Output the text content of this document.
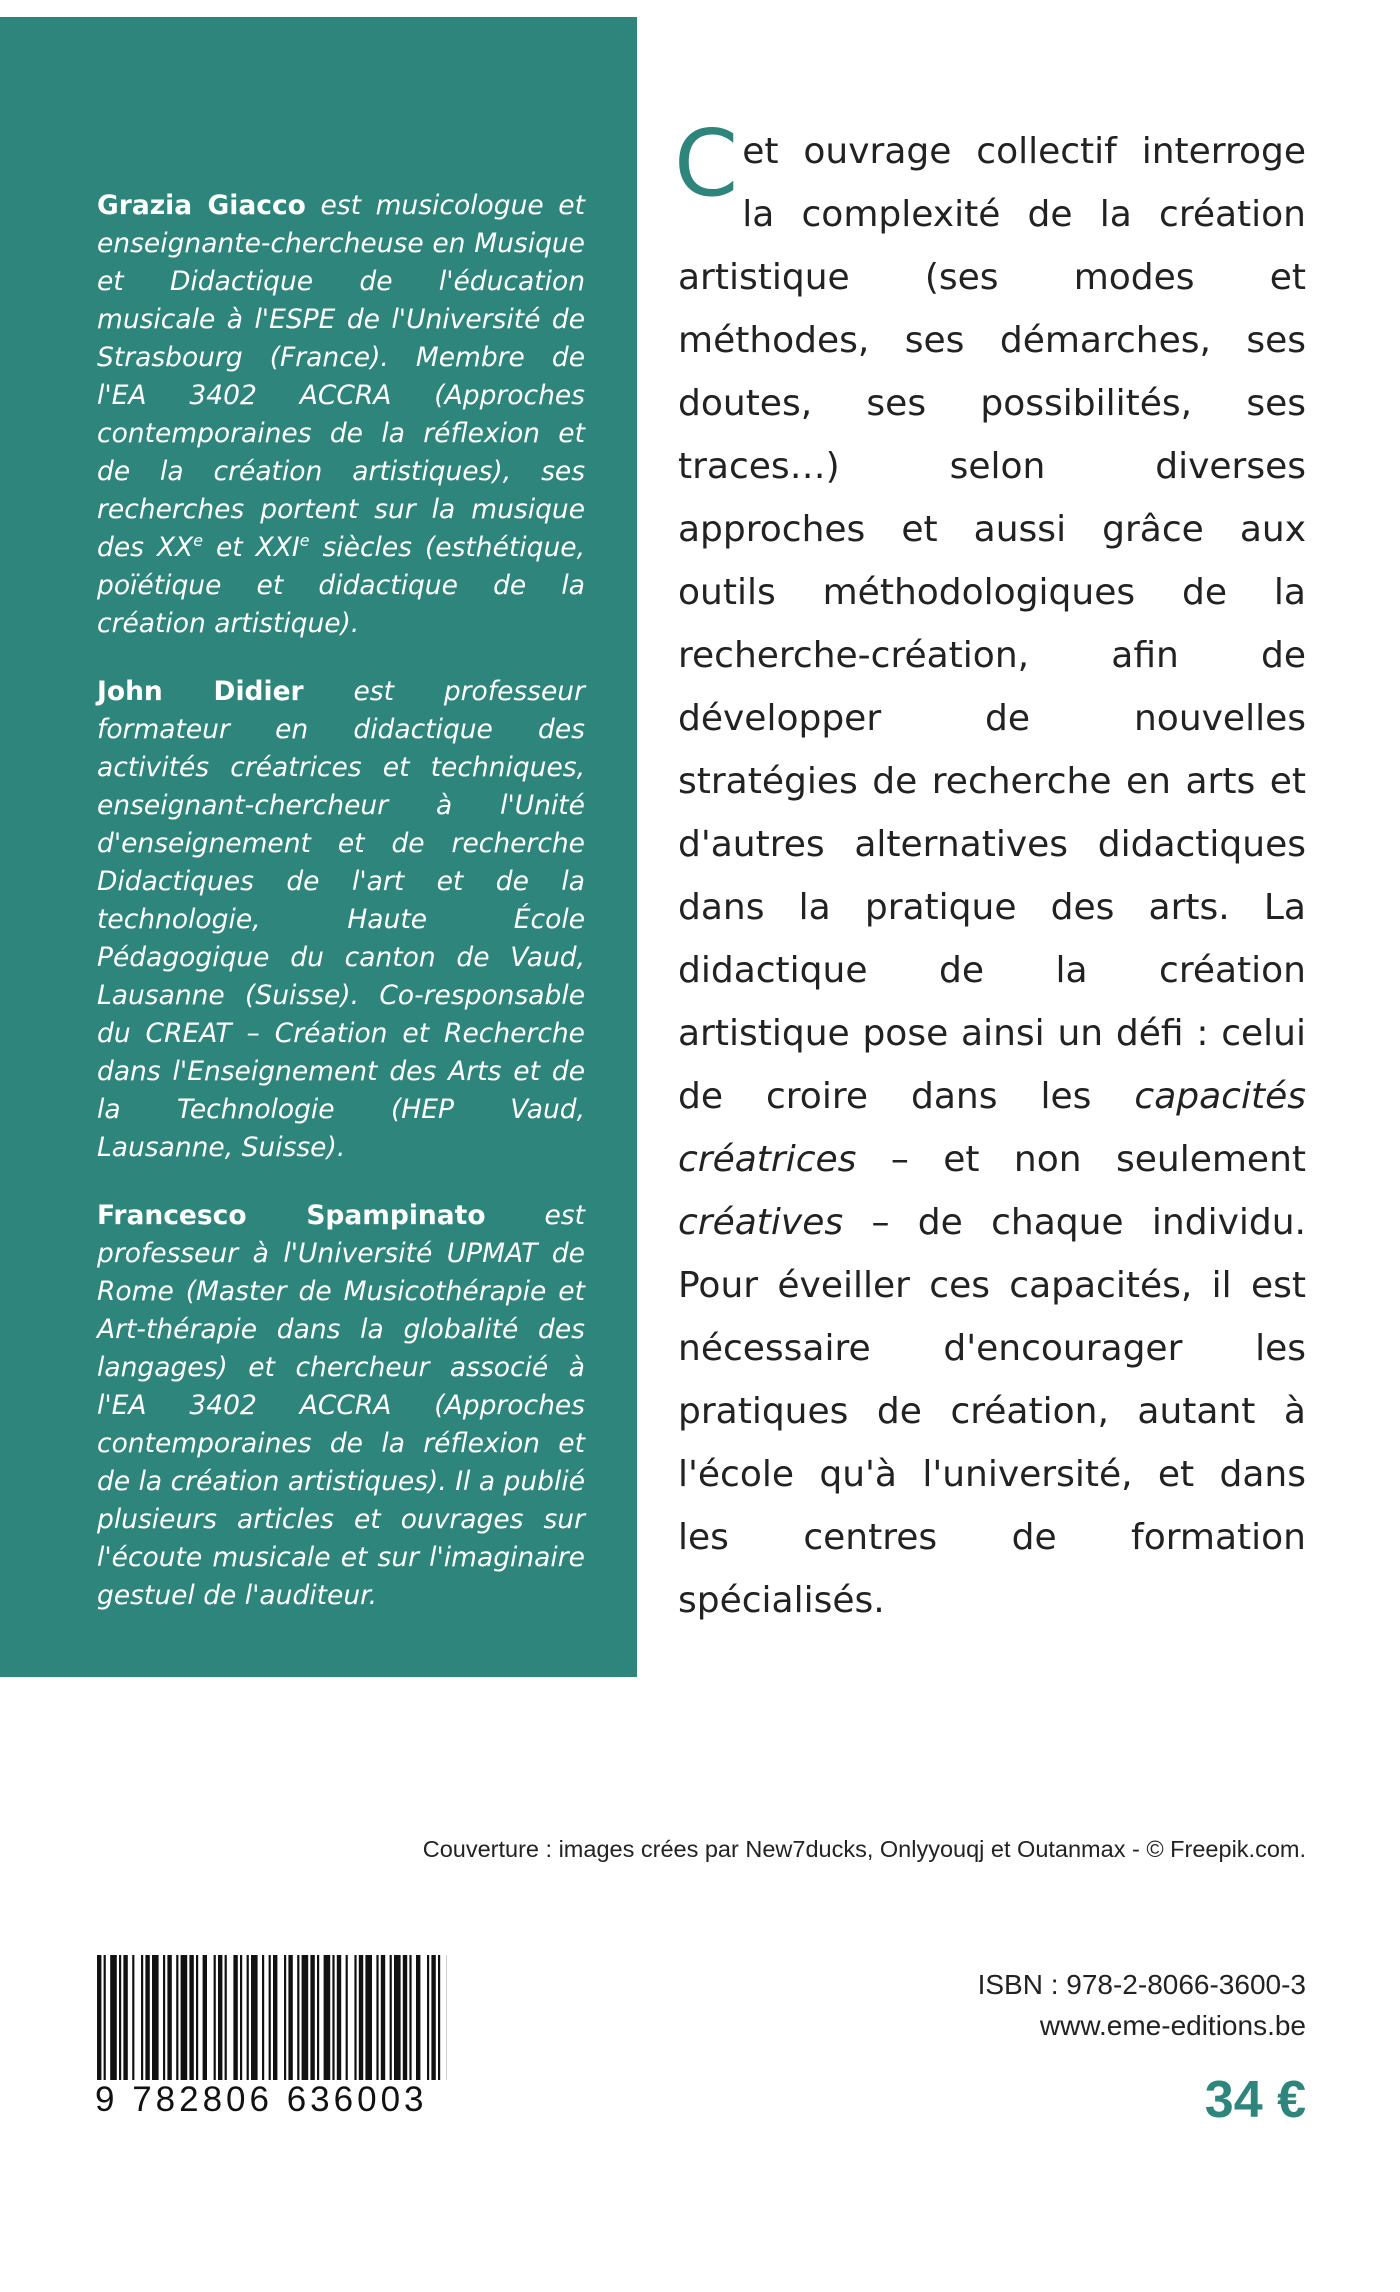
Grazia Giacco est musicologue et enseignante-chercheuse en Musique et Didactique de l'éducation musicale à l'ESPE de l'Université de Strasbourg (France). Membre de l'EA 3402 ACCRA (Approches contemporaines de la réflexion et de la création artistiques), ses recherches portent sur la musique des XXe et XXIe siècles (esthétique, poïétique et didactique de la création artistique).

John Didier est professeur formateur en didactique des activités créatrices et techniques, enseignant-chercheur à l'Unité d'enseignement et de recherche Didactiques de l'art et de la technologie, Haute École Pédagogique du canton de Vaud, Lausanne (Suisse). Co-responsable du CREAT – Création et Recherche dans l'Enseignement des Arts et de la Technologie (HEP Vaud, Lausanne, Suisse).

Francesco Spampinato est professeur à l'Université UPMAT de Rome (Master de Musicothérapie et Art-thérapie dans la globalité des langages) et chercheur associé à l'EA 3402 ACCRA (Approches contemporaines de la réflexion et de la création artistiques). Il a publié plusieurs articles et ouvrages sur l'écoute musicale et sur l'imaginaire gestuel de l'auditeur.

Cet ouvrage collectif interroge la complexité de la création artistique (ses modes et méthodes, ses démarches, ses doutes, ses possibilités, ses traces…) selon diverses approches et aussi grâce aux outils méthodologiques de la recherche-création, afin de développer de nouvelles stratégies de recherche en arts et d'autres alternatives didactiques dans la pratique des arts. La didactique de la création artistique pose ainsi un défi : celui de croire dans les capacités créatrices – et non seulement créatives – de chaque individu. Pour éveiller ces capacités, il est nécessaire d'encourager les pratiques de création, autant à l'école qu'à l'université, et dans les centres de formation spécialisés.

Couverture : images crées par New7ducks, Onlyyouqj et Outanmax - © Freepik.com.
9 782806 636003
ISBN : 978-2-8066-3600-3
www.eme-editions.be
34 €
